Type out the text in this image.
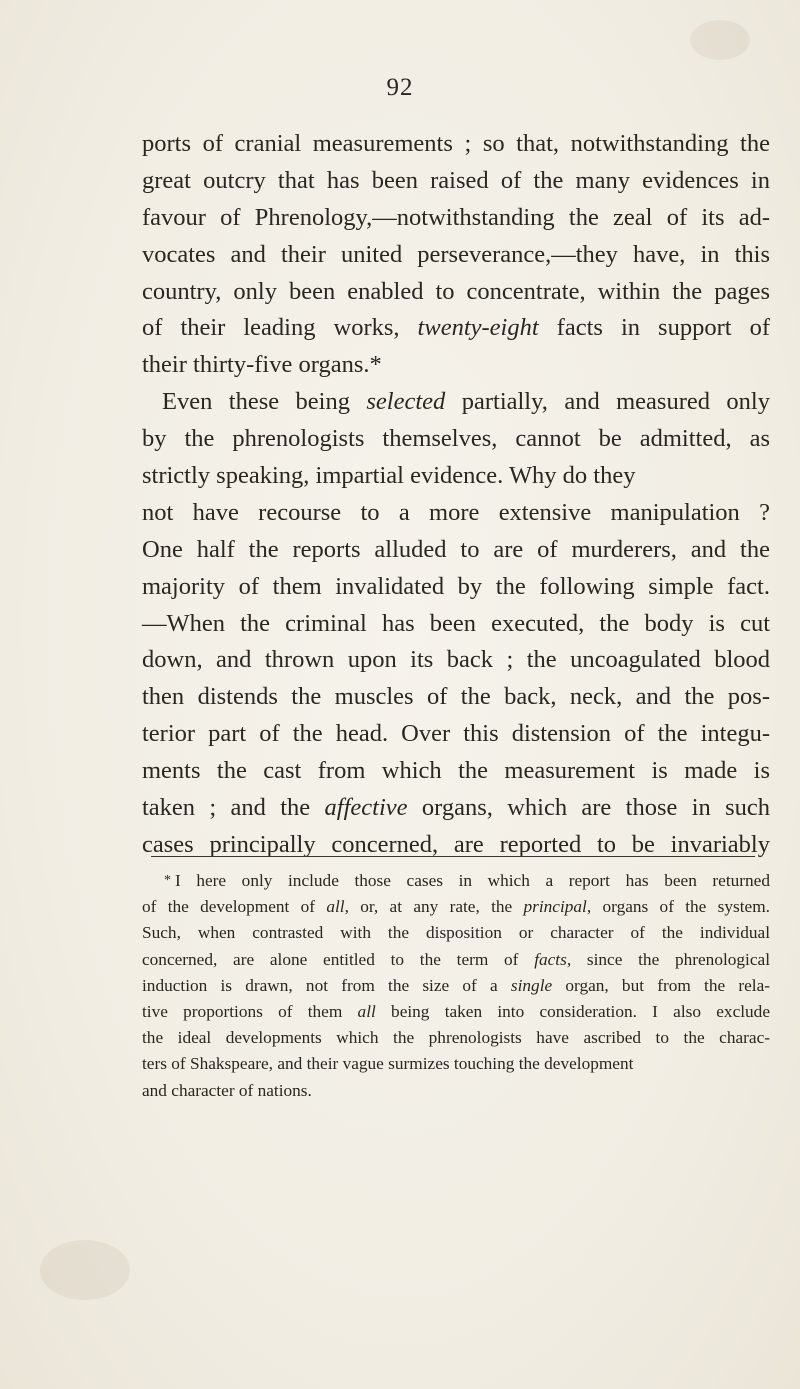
92
ports of cranial measurements ; so that, notwithstanding the
great outcry that has been raised of the many evidences in
favour of Phrenology,—notwithstanding the zeal of its ad-
vocates and their united perseverance,—they have, in this
country, only been enabled to concentrate, within the pages
of their leading works, twenty-eight facts in support of
their thirty-five organs.*
Even these being selected partially, and measured only
by the phrenologists themselves, cannot be admitted, as
strictly speaking, impartial evidence. Why do they
not have recourse to a more extensive manipulation ?
One half the reports alluded to are of murderers, and the
majority of them invalidated by the following simple fact.
—When the criminal has been executed, the body is cut
down, and thrown upon its back ; the uncoagulated blood
then distends the muscles of the back, neck, and the pos-
terior part of the head. Over this distension of the integu-
ments the cast from which the measurement is made is
taken ; and the affective organs, which are those in such
cases principally concerned, are reported to be invariably
* I here only include those cases in which a report has been returned
of the development of all, or, at any rate, the principal, organs of the system.
Such, when contrasted with the disposition or character of the individual
concerned, are alone entitled to the term of facts, since the phrenological
induction is drawn, not from the size of a single organ, but from the rela-
tive proportions of them all being taken into consideration. I also exclude
the ideal developments which the phrenologists have ascribed to the charac-
ters of Shakspeare, and their vague surmizes touching the development
and character of nations.
